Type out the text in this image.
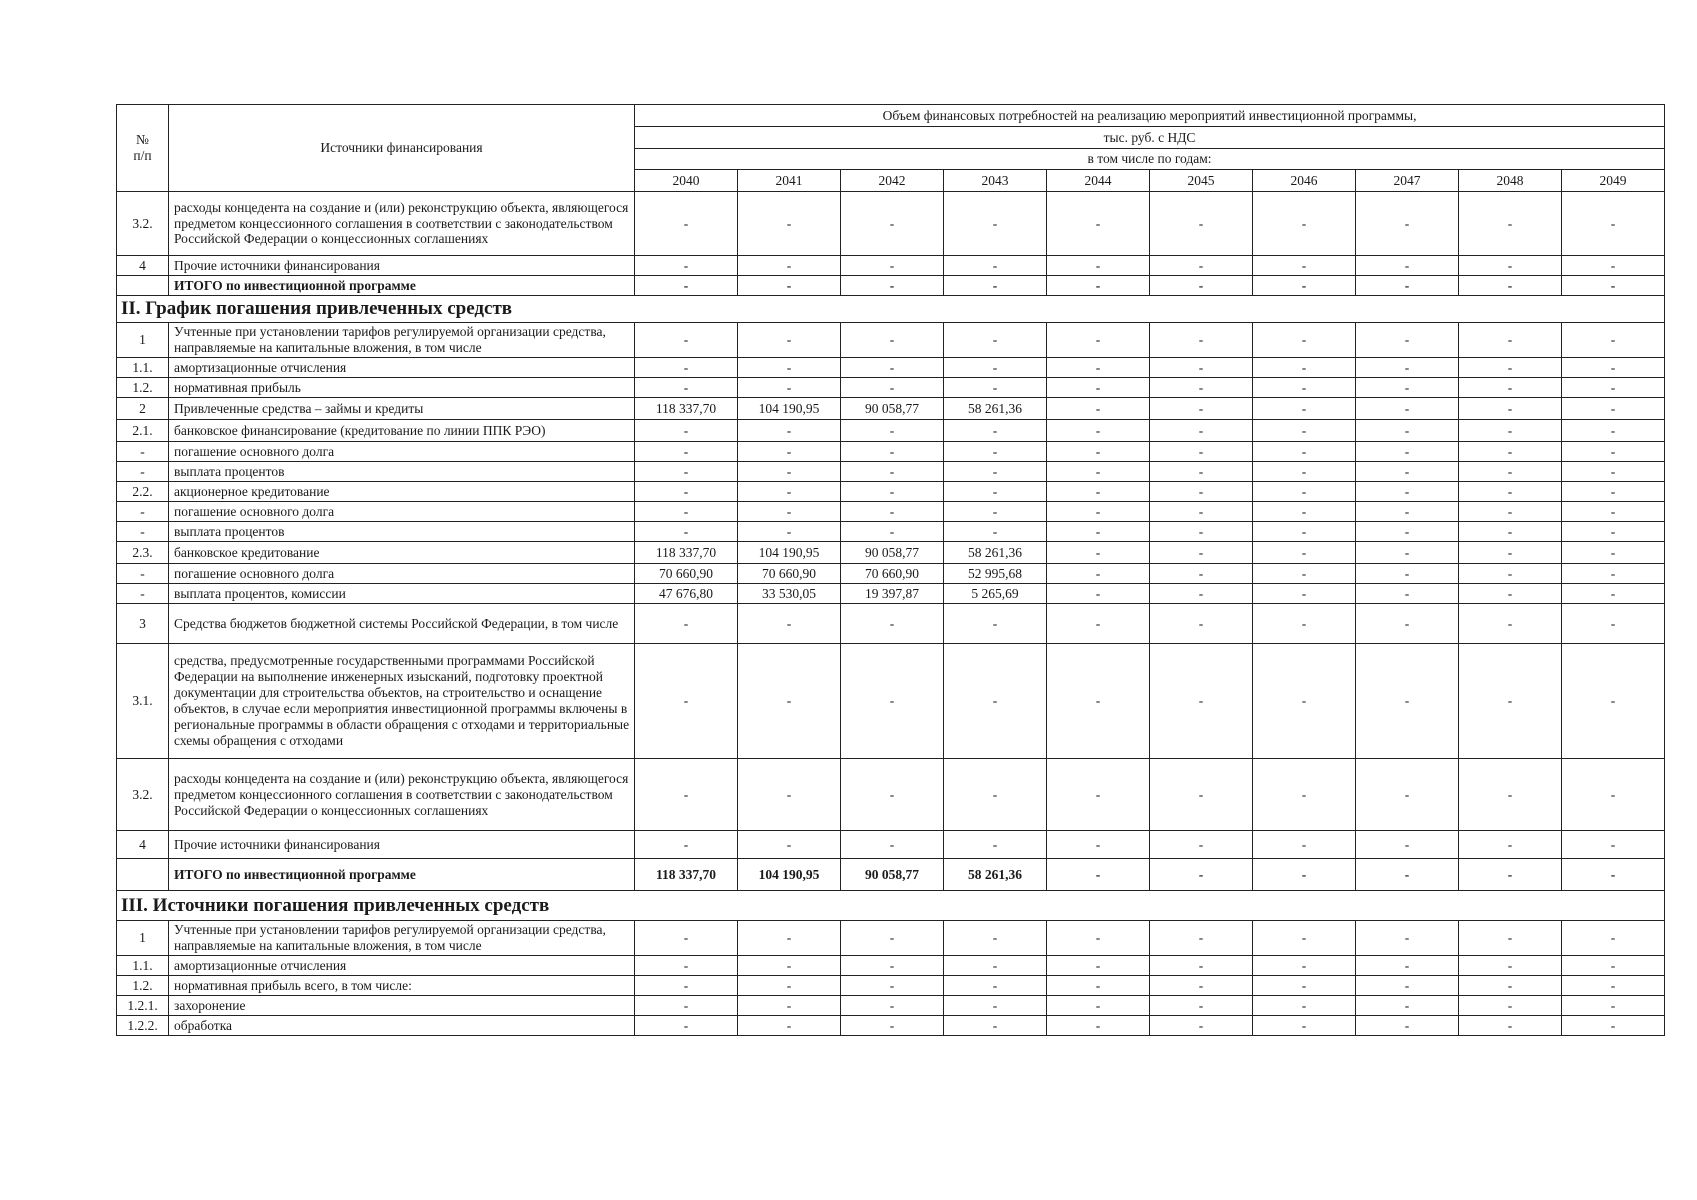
№
п/п	Источники финансирования	Объем финансовых потребностей на реализацию мероприятий инвестиционной программы,									
		тыс. руб. с НДС									
		в том числе по годам:									
		2040	2041	2042	2043	2044	2045	2046	2047	2048	2049
3.2.	расходы концедента на создание и (или) реконструкцию объекта, являющегося предметом концессионного соглашения в соответствии с законодательством Российской Федерации о концессионных соглашениях	-	-	-	-	-	-	-	-	-	-
4	Прочие источники финансирования	-	-	-	-	-	-	-	-	-	-
	ИТОГО по инвестиционной программе	-	-	-	-	-	-	-	-	-	-
II. График погашения привлеченных средств											
1	Учтенные при установлении тарифов регулируемой организации средства, направляемые на капитальные вложения, в том числе	-	-	-	-	-	-	-	-	-	-
1.1.	амортизационные отчисления	-	-	-	-	-	-	-	-	-	-
1.2.	нормативная прибыль	-	-	-	-	-	-	-	-	-	-
2	Привлеченные средства – займы и кредиты	118 337,70	104 190,95	90 058,77	58 261,36	-	-	-	-	-	-
2.1.	банковское финансирование (кредитование по линии ППК РЭО)	-	-	-	-	-	-	-	-	-	-
-	погашение основного долга	-	-	-	-	-	-	-	-	-	-
-	выплата процентов	-	-	-	-	-	-	-	-	-	-
2.2.	акционерное кредитование	-	-	-	-	-	-	-	-	-	-
-	погашение основного долга	-	-	-	-	-	-	-	-	-	-
-	выплата процентов	-	-	-	-	-	-	-	-	-	-
2.3.	банковское кредитование	118 337,70	104 190,95	90 058,77	58 261,36	-	-	-	-	-	-
-	погашение основного долга	70 660,90	70 660,90	70 660,90	52 995,68	-	-	-	-	-	-
-	выплата процентов, комиссии	47 676,80	33 530,05	19 397,87	5 265,69	-	-	-	-	-	-
3	Средства бюджетов бюджетной системы Российской Федерации, в том числе	-	-	-	-	-	-	-	-	-	-
3.1.	средства, предусмотренные государственными программами Российской Федерации на выполнение инженерных изысканий, подготовку проектной документации для строительства объектов, на строительство и оснащение объектов, в случае если мероприятия инвестиционной программы включены в региональные программы в области обращения с отходами и территориальные схемы обращения с отходами	-	-	-	-	-	-	-	-	-	-
3.2.	расходы концедента на создание и (или) реконструкцию объекта, являющегося предметом концессионного соглашения в соответствии с законодательством Российской Федерации о концессионных соглашениях	-	-	-	-	-	-	-	-	-	-
4	Прочие источники финансирования	-	-	-	-	-	-	-	-	-	-
	ИТОГО по инвестиционной программе	118 337,70	104 190,95	90 058,77	58 261,36	-	-	-	-	-	-
III. Источники погашения привлеченных средств											
1	Учтенные при установлении тарифов регулируемой организации средства, направляемые на капитальные вложения, в том числе	-	-	-	-	-	-	-	-	-	-
1.1.	амортизационные отчисления	-	-	-	-	-	-	-	-	-	-
1.2.	нормативная прибыль всего, в том числе:	-	-	-	-	-	-	-	-	-	-
1.2.1.	захоронение	-	-	-	-	-	-	-	-	-	-
1.2.2.	обработка	-	-	-	-	-	-	-	-	-	-
